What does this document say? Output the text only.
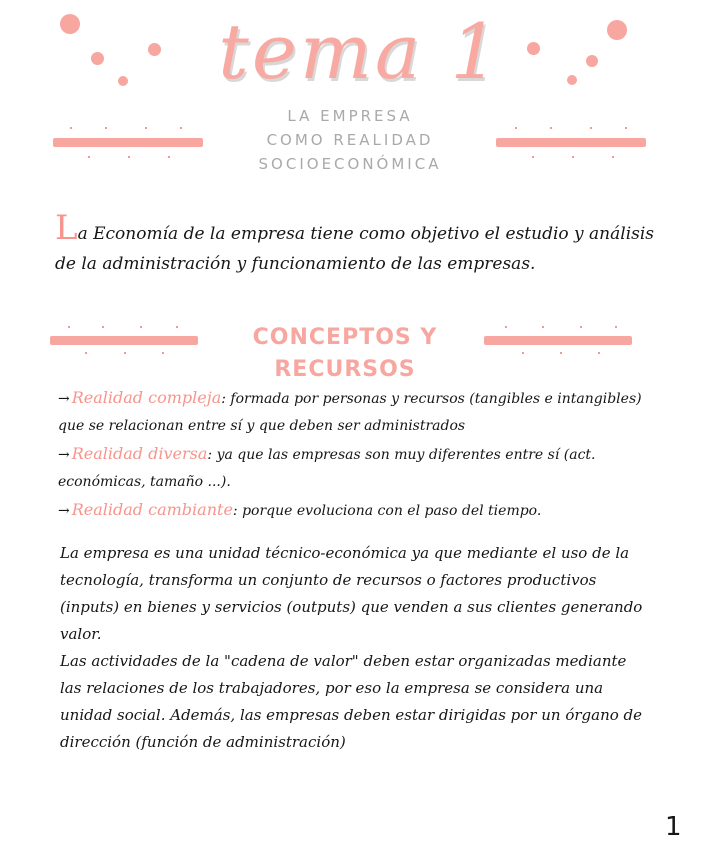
tema 1
LA EMPRESA
COMO REALIDAD
SOCIOECONÓMICA
La Economía de la empresa tiene como objetivo el estudio y análisis de la administración y funcionamiento de las empresas.
CONCEPTOS Y RECURSOS
→ Realidad compleja: formada por personas y recursos (tangibles e intangibles) que se relacionan entre sí y que deben ser administrados
→ Realidad diversa: ya que las empresas son muy diferentes entre sí (act. económicas, tamaño ...).
→ Realidad cambiante: porque evoluciona con el paso del tiempo.
La empresa es una unidad técnico-económica ya que mediante el uso de la tecnología, transforma un conjunto de recursos o factores productivos (inputs) en bienes y servicios (outputs) que venden a sus clientes generando valor.
Las actividades de la "cadena de valor" deben estar organizadas mediante las relaciones de los trabajadores, por eso la empresa se considera una unidad social. Además, las empresas deben estar dirigidas por un órgano de dirección (función de administración)
1
